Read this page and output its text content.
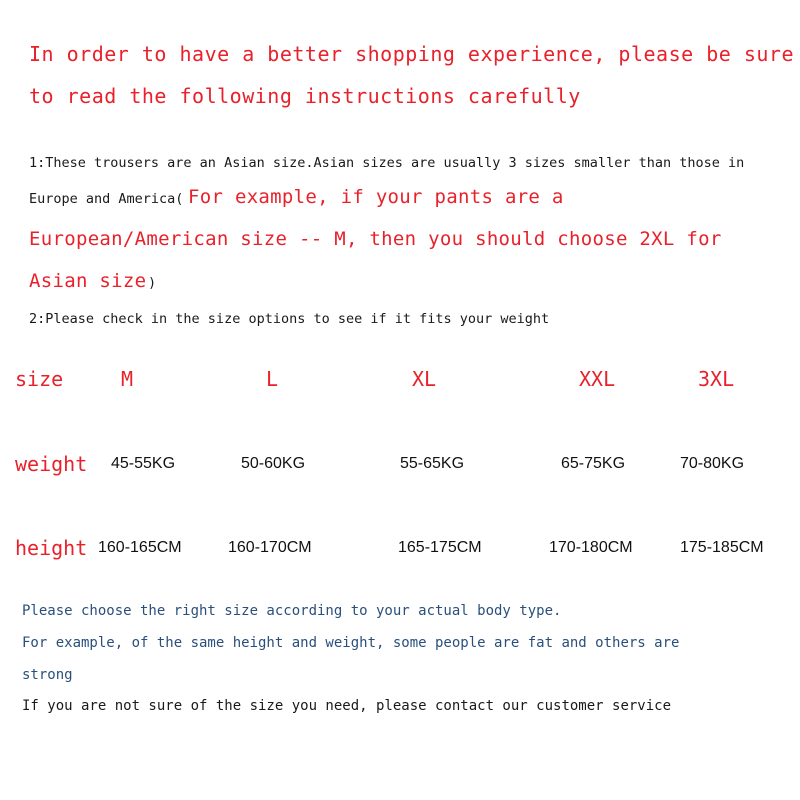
In order to have a better shopping experience, please be sure
to read the following instructions carefully
1:These trousers are an Asian size.Asian sizes are usually 3 sizes smaller than those in
Europe and America( For example, if your pants are a
European/American size -- M, then you should choose 2XL for
Asian size )
2:Please check in the size options to see if it fits your weight
size	M	L	XL	XXL	3XL
weight 45-55KG	50-60KG	55-65KG	65-75KG	70-80KG
height 160-165CM	160-170CM	165-175CM	170-180CM	175-185CM
Please choose the right size according to your actual body type.
For example, of the same height and weight, some people are fat and others are
strong
If you are not sure of the size you need, please contact our customer service
